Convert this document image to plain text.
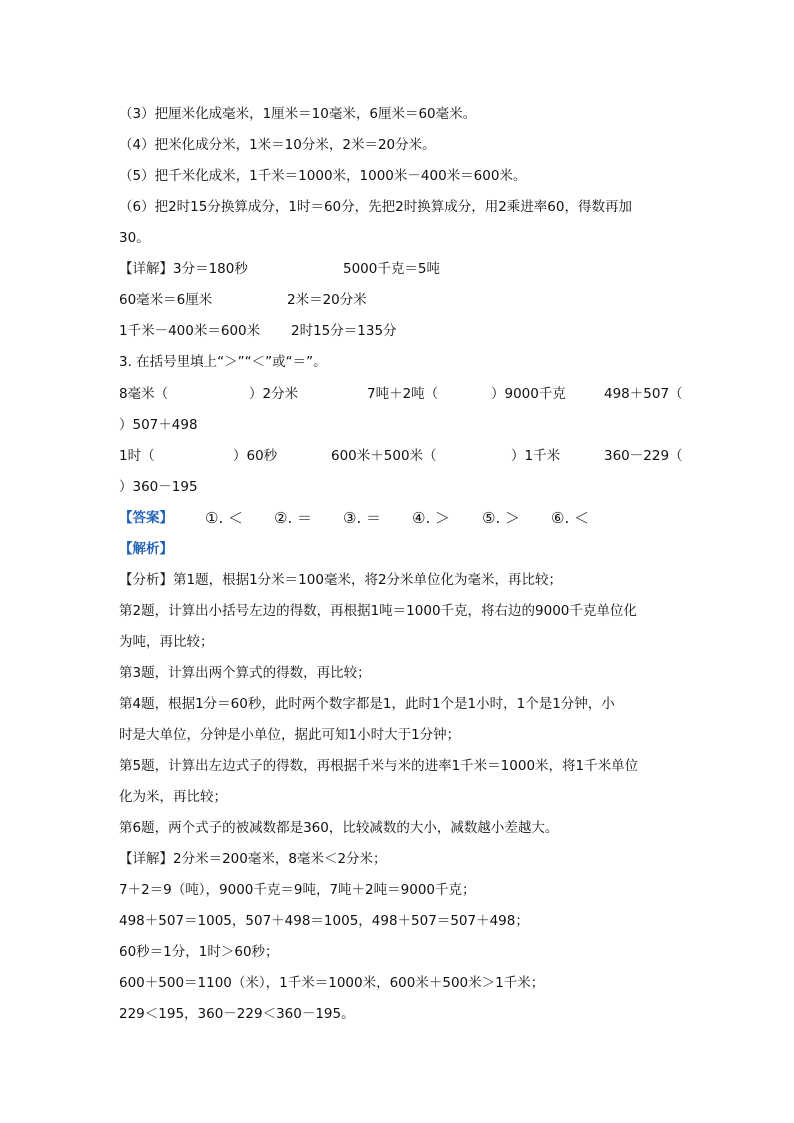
（3）把厘米化成毫米，1厘米＝10毫米，6厘米＝60毫米。
（4）把米化成分米，1米＝10分米，2米＝20分米。
（5）把千米化成米，1千米＝1000米，1000米－400米＝600米。
（6）把2时15分换算成分，1时＝60分，先把2时换算成分，用2乘进率60，得数再加
30。
【详解】3分＝180秒	5000千克＝5吨
60毫米＝6厘米	2米＝20分米
1千米－400米＝600米 2时15分＝135分
3. 在括号里填上“＞”“＜”或“＝”。
8毫米（	）2分米	7吨＋2吨（	）9000千克	498＋507（
）507＋498
1时（	）60秒	600米＋500米（	）1千米	360－229（
）360－195
【答案】 ①. ＜ ②. ＝ ③. ＝ ④. ＞ ⑤. ＞ ⑥. ＜
【解析】
【分析】第1题，根据1分米＝100毫米，将2分米单位化为毫米，再比较；
第2题，计算出小括号左边的得数，再根据1吨＝1000千克，将右边的9000千克单位化
为吨，再比较；
第3题，计算出两个算式的得数，再比较；
第4题，根据1分＝60秒，此时两个数字都是1，此时1个是1小时，1个是1分钟，小
时是大单位，分钟是小单位，据此可知1小时大于1分钟；
第5题，计算出左边式子的得数，再根据千米与米的进率1千米＝1000米，将1千米单位
化为米，再比较；
第6题，两个式子的被减数都是360，比较减数的大小，减数越小差越大。
【详解】2分米＝200毫米，8毫米＜2分米；
7＋2＝9（吨），9000千克＝9吨，7吨＋2吨＝9000千克；
498＋507＝1005，507＋498＝1005，498＋507＝507＋498；
60秒＝1分，1时＞60秒；
600＋500＝1100（米），1千米＝1000米，600米＋500米＞1千米；
229＜195，360－229＜360－195。
